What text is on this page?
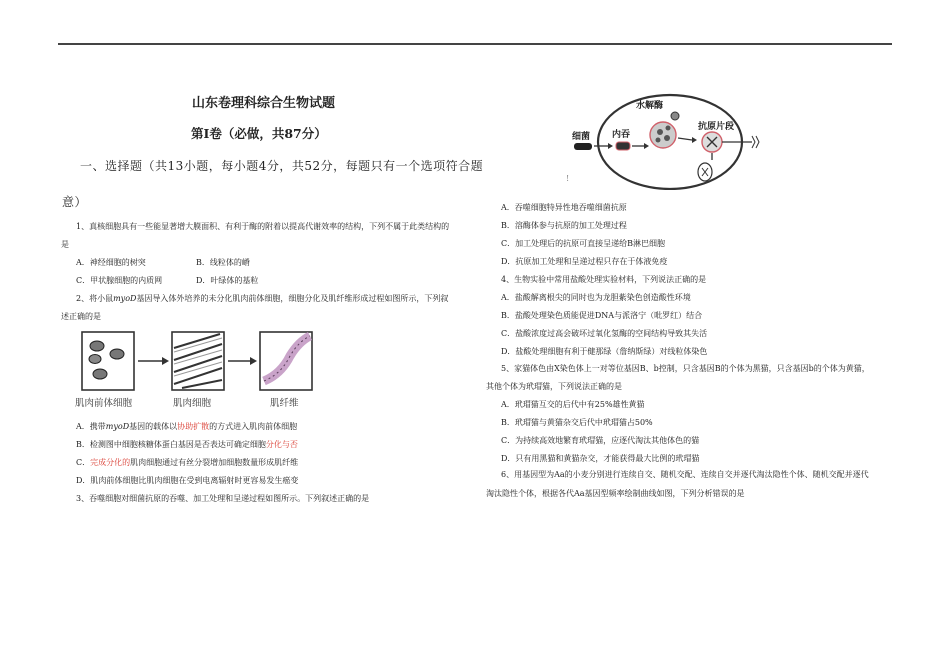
山东卷理科综合生物试题
第Ⅰ卷（必做，共87分）
一、选择题（共13小题，每小题4分，共52分，每题只有一个选项符合题
意）
1、真核细胞具有一些能显著增大膜面积、有利于酶的附着以提高代谢效率的结构，下列不属于此类结构的
是
A．神经细胞的树突	B．线粒体的嵴
C．甲状腺细胞的内质网	D．叶绿体的基粒
2、将小鼠myoD基因导入体外培养的未分化肌肉前体细胞，细胞分化及肌纤维形成过程如图所示，下列叙
述正确的是
肌肉前体细胞	肌肉细胞	肌纤维
A．携带myoD基因的载体以协助扩散的方式进入肌肉前体细胞
B．检测图中细胞核糖体蛋白基因是否表达可确定细胞分化与否
C．完成分化的肌肉细胞通过有丝分裂增加细胞数量形成肌纤维
D．肌肉前体细胞比肌肉细胞在受到电离辐射时更容易发生癌变
3、吞噬细胞对细菌抗原的吞噬、加工处理和呈递过程如图所示。下列叙述正确的是
水解酶
细菌 内吞
抗原片段
!
A．吞噬细胞特异性地吞噬细菌抗原
B．溶酶体参与抗原的加工处理过程
C．加工处理后的抗原可直接呈递给B淋巴细胞
D．抗原加工处理和呈递过程只存在于体液免疫
4、生物实验中常用盐酸处理实验材料，下列说法正确的是
A．盐酸解离根尖的同时也为龙胆紫染色创造酸性环境
B．盐酸处理染色质能促进DNA与派洛宁（吡罗红）结合
C．盐酸浓度过高会破坏过氧化氢酶的空间结构导致其失活
D．盐酸处理细胞有利于健那绿（詹纳斯绿）对线粒体染色
5、家猫体色由X染色体上一对等位基因B、b控制，只含基因B的个体为黑猫，只含基因b的个体为黄猫，
其他个体为玳瑁猫，下列说法正确的是
A．玳瑁猫互交的后代中有25%雄性黄猫
B．玳瑁猫与黄猫杂交后代中玳瑁猫占50%
C．为持续高效地繁育玳瑁猫，应逐代淘汰其他体色的猫
D．只有用黑猫和黄猫杂交，才能获得最大比例的玳瑁猫
6、用基因型为Aa的小麦分别进行连续自交、随机交配、连续自交并逐代淘汰隐性个体、随机交配并逐代
淘汰隐性个体，根据各代Aa基因型频率绘制曲线如图，下列分析错误的是
